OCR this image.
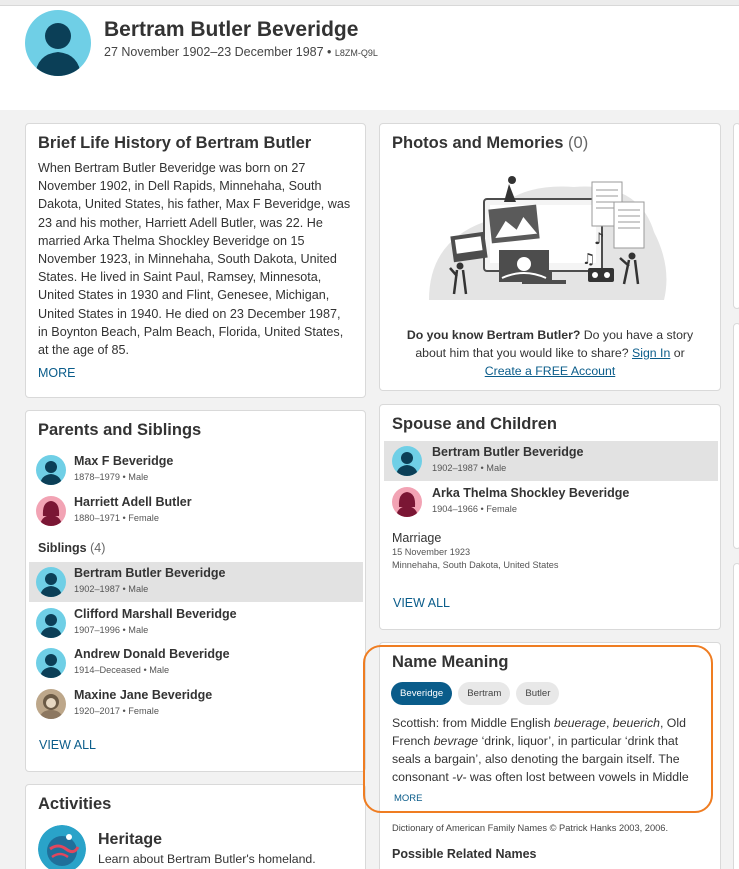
Bertram Butler Beveridge
27 November 1902–23 December 1987 • L8ZM-Q9L
Brief Life History of Bertram Butler

When Bertram Butler Beveridge was born on 27 November 1902, in Dell Rapids, Minnehaha, South Dakota, United States, his father, Max F Beveridge, was 23 and his mother, Harriett Adell Butler, was 22. He married Arka Thelma Shockley Beveridge on 15 November 1923, in Minnehaha, South Dakota, United States. He lived in Saint Paul, Ramsey, Minnesota, United States in 1930 and Flint, Genesee, Michigan, United States in 1940. He died on 23 December 1987, in Boynton Beach, Palm Beach, Florida, United States, at the age of 85.

MORE
Parents and Siblings
Max F Beveridge
1878–1979 • Male
Harriett Adell Butler
1880–1971 • Female
Siblings (4)
Bertram Butler Beveridge
1902–1987 • Male
Clifford Marshall Beveridge
1907–1996 • Male
Andrew Donald Beveridge
1914–Deceased • Male
Maxine Jane Beveridge
1920–2017 • Female
VIEW ALL
Activities
Heritage
Learn about Bertram Butler's homeland.
Photos and Memories (0)
♪
♫
Do you know Bertram Butler? Do you have a story about him that you would like to share? Sign In or
Create a FREE Account
Spouse and Children
Bertram Butler Beveridge
1902–1987 • Male
Arka Thelma Shockley Beveridge
1904–1966 • Female
Marriage
15 November 1923
Minnehaha, South Dakota, United States
VIEW ALL
Name Meaning
Beveridge	Bertram	Butler

Scottish: from Middle English beuerage, beuerich, Old French bevrage ‘drink, liquor’, in particular ‘drink that seals a bargain’, also denoting the bargain itself. The consonant -v- was often lost between vowels in Middle

MORE
Dictionary of American Family Names © Patrick Hanks 2003, 2006.
Possible Related Names
